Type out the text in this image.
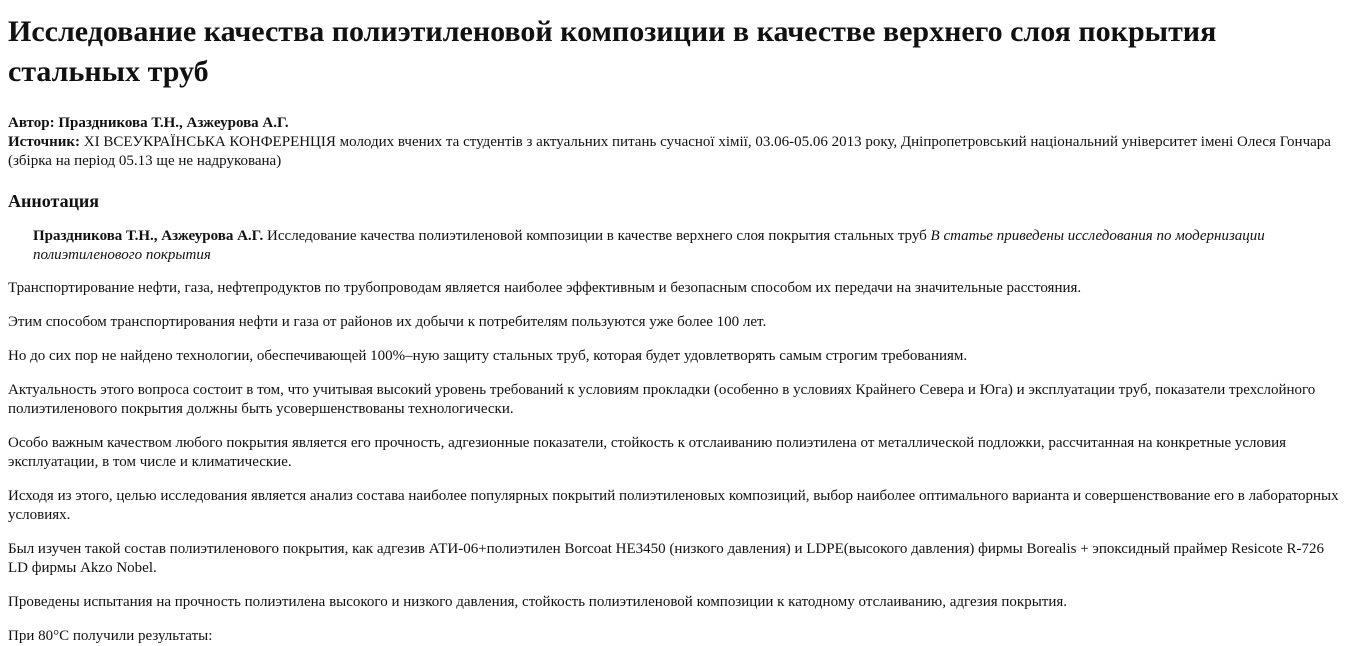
Исследование качества полиэтиленовой композиции в качестве верхнего слоя покрытия стальных труб
Автор: Праздникова Т.Н., Азжеурова А.Г.
Источник: XI ВСЕУКРАЇНСЬКА КОНФЕРЕНЦІЯ молодих вчених та студентів з актуальних питань сучасної хімії, 03.06-05.06 2013 року, Дніпропетровський національний університет імені Олеся Гончара (збірка на період 05.13 ще не надрукована)
Аннотация
Праздникова Т.Н., Азжеурова А.Г. Исследование качества полиэтиленовой композиции в качестве верхнего слоя покрытия стальных труб В статье приведены исследования по модернизации полиэтиленового покрытия

Транспортирование нефти, газа, нефтепродуктов по трубопроводам является наиболее эффективным и безопасным способом их передачи на значительные расстояния.

Этим способом транспортирования нефти и газа от районов их добычи к потребителям пользуются уже более 100 лет.

Но до сих пор не найдено технологии, обеспечивающей 100%–ную защиту стальных труб, которая будет удовлетворять самым строгим требованиям.

Актуальность этого вопроса состоит в том, что учитывая высокий уровень требований к условиям прокладки (особенно в условиях Крайнего Севера и Юга) и эксплуатации труб, показатели трехслойного полиэтиленового покрытия должны быть усовершенствованы технологически.

Особо важным качеством любого покрытия является его прочность, адгезионные показатели, стойкость к отслаиванию полиэтилена от металлической подложки, рассчитанная на конкретные условия эксплуатации, в том числе и климатические.

Исходя из этого, целью исследования является анализ состава наиболее популярных покрытий полиэтиленовых композиций, выбор наиболее оптимального варианта и совершенствование его в лабораторных условиях.

Был изучен такой состав полиэтиленового покрытия, как адгезив АТИ-06+полиэтилен Borcoat HE3450 (низкого давления) и LDPE(высокого давления) фирмы Borealis + эпоксидный праймер Resicote R-726 LD фирмы Akzo Nobel.

Проведены испытания на прочность полиэтилена высокого и низкого давления, стойкость полиэтиленовой композиции к катодному отслаиванию, адгезия покрытия.

При 80°С получили результаты:
